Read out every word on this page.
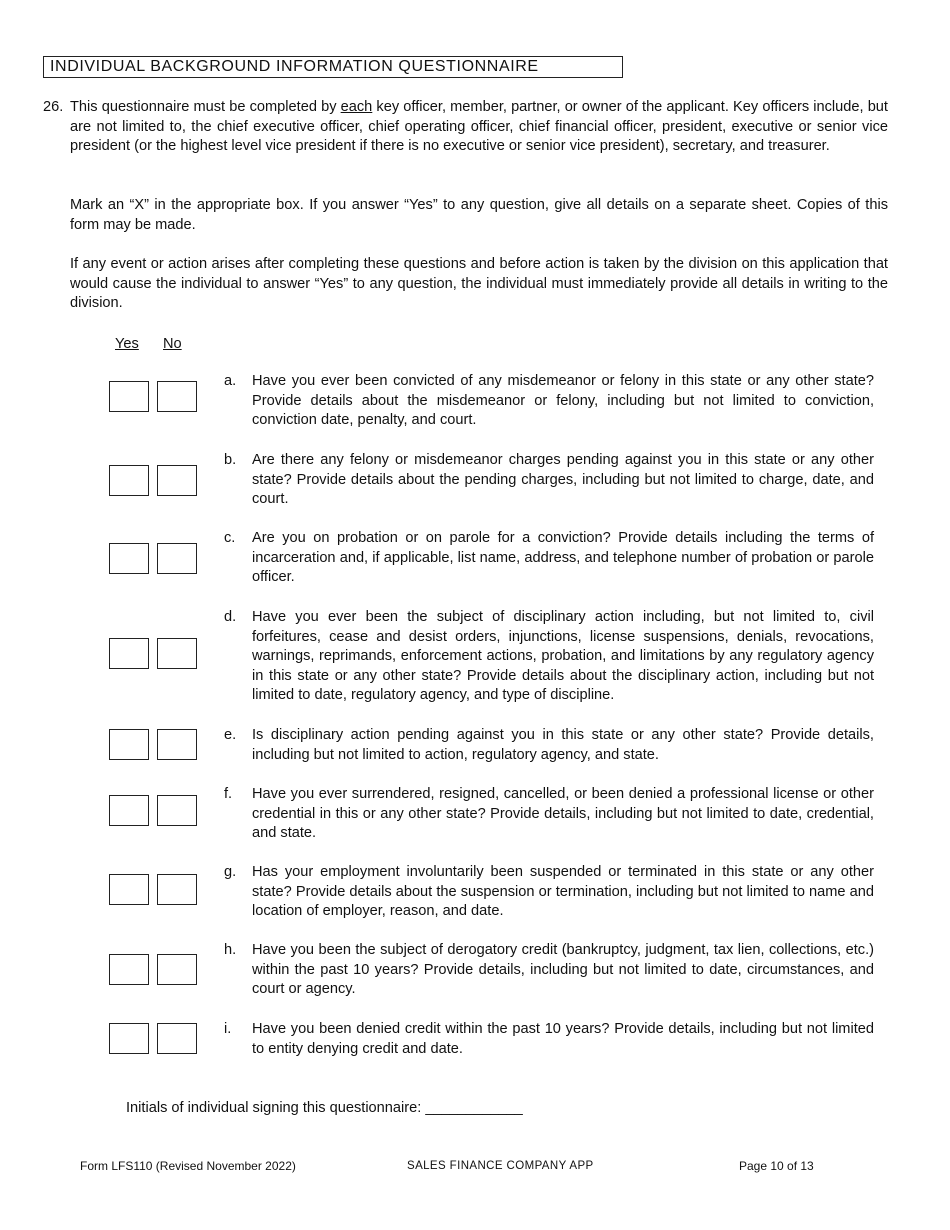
INDIVIDUAL BACKGROUND INFORMATION QUESTIONNAIRE
26. This questionnaire must be completed by each key officer, member, partner, or owner of the applicant. Key officers include, but are not limited to, the chief executive officer, chief operating officer, chief financial officer, president, executive or senior vice president (or the highest level vice president if there is no executive or senior vice president), secretary, and treasurer.
Mark an “X” in the appropriate box. If you answer “Yes” to any question, give all details on a separate sheet. Copies of this form may be made.
If any event or action arises after completing these questions and before action is taken by the division on this application that would cause the individual to answer “Yes” to any question, the individual must immediately provide all details in writing to the division.
Yes No
a. Have you ever been convicted of any misdemeanor or felony in this state or any other state? Provide details about the misdemeanor or felony, including but not limited to conviction, conviction date, penalty, and court.
b. Are there any felony or misdemeanor charges pending against you in this state or any other state? Provide details about the pending charges, including but not limited to charge, date, and court.
c. Are you on probation or on parole for a conviction? Provide details including the terms of incarceration and, if applicable, list name, address, and telephone number of probation or parole officer.
d. Have you ever been the subject of disciplinary action including, but not limited to, civil forfeitures, cease and desist orders, injunctions, license suspensions, denials, revocations, warnings, reprimands, enforcement actions, probation, and limitations by any regulatory agency in this state or any other state? Provide details about the disciplinary action, including but not limited to date, regulatory agency, and type of discipline.
e. Is disciplinary action pending against you in this state or any other state? Provide details, including but not limited to action, regulatory agency, and state.
f. Have you ever surrendered, resigned, cancelled, or been denied a professional license or other credential in this or any other state? Provide details, including but not limited to date, credential, and state.
g. Has your employment involuntarily been suspended or terminated in this state or any other state? Provide details about the suspension or termination, including but not limited to name and location of employer, reason, and date.
h. Have you been the subject of derogatory credit (bankruptcy, judgment, tax lien, collections, etc.) within the past 10 years? Provide details, including but not limited to date, circumstances, and court or agency.
i. Have you been denied credit within the past 10 years? Provide details, including but not limited to entity denying credit and date.
Initials of individual signing this questionnaire: ____________
Form LFS110 (Revised November 2022)	SALES FINANCE COMPANY APP	Page 10 of 13
